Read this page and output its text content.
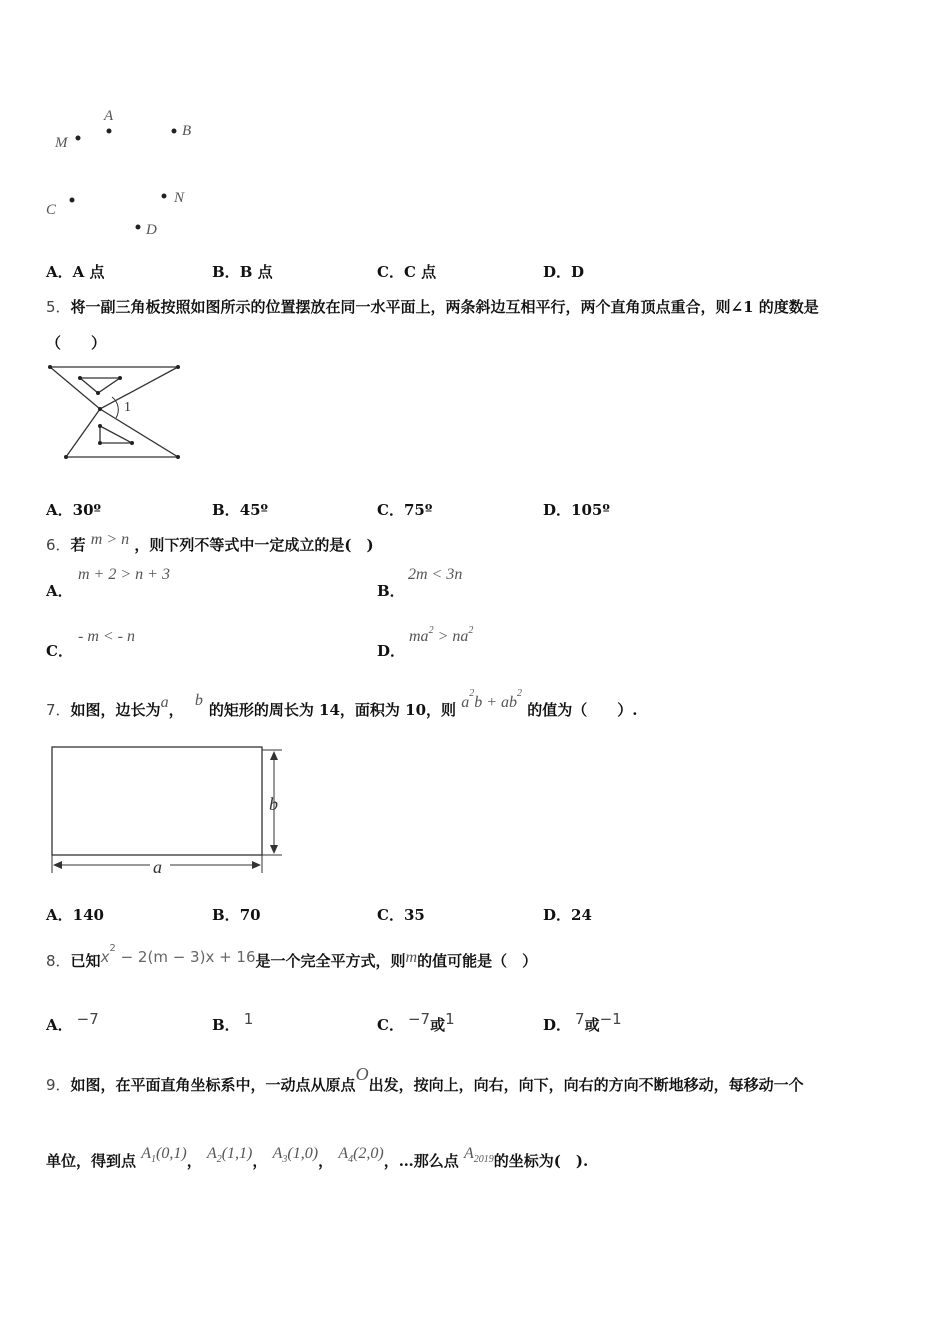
M
A
B
C
N
D
A．A 点	B．B 点	C．C 点	D．D
5．将一副三角板按照如图所示的位置摆放在同一水平面上，两条斜边互相平行，两个直角顶点重合，则∠1 的度数是
（　　）
1
A．30º	B．45º	C．75º	D．105º
6．若 m > n ，则下列不等式中一定成立的是(　)
A．
m + 2 > n + 3
B．
2m < 3n
C．
- m < - n
D．
$ma^2 > na^2$
7．如图，边长为a， b的矩形的周长为 14，面积为 10，则 $a^2b + ab^2$ 的值为（　　）.
b
a
A．140	B．70	C．35	D．24
8．已知$x^2 - 2(m - 3)x + 16$是一个完全平方式，则m的值可能是（　）
A． −7	B． 1	C． −7或1	D． 7或−1
9．如图，在平面直角坐标系中，一动点从原点O出发，按向上，向右，向下，向右的方向不断地移动，每移动一个
单位，得到点 $A_1(0,1)$， $A_2(1,1)$， $A_3(1,0)$， $A_4(2,0)$，…那么点 $A_{2019}$的坐标为(　).
